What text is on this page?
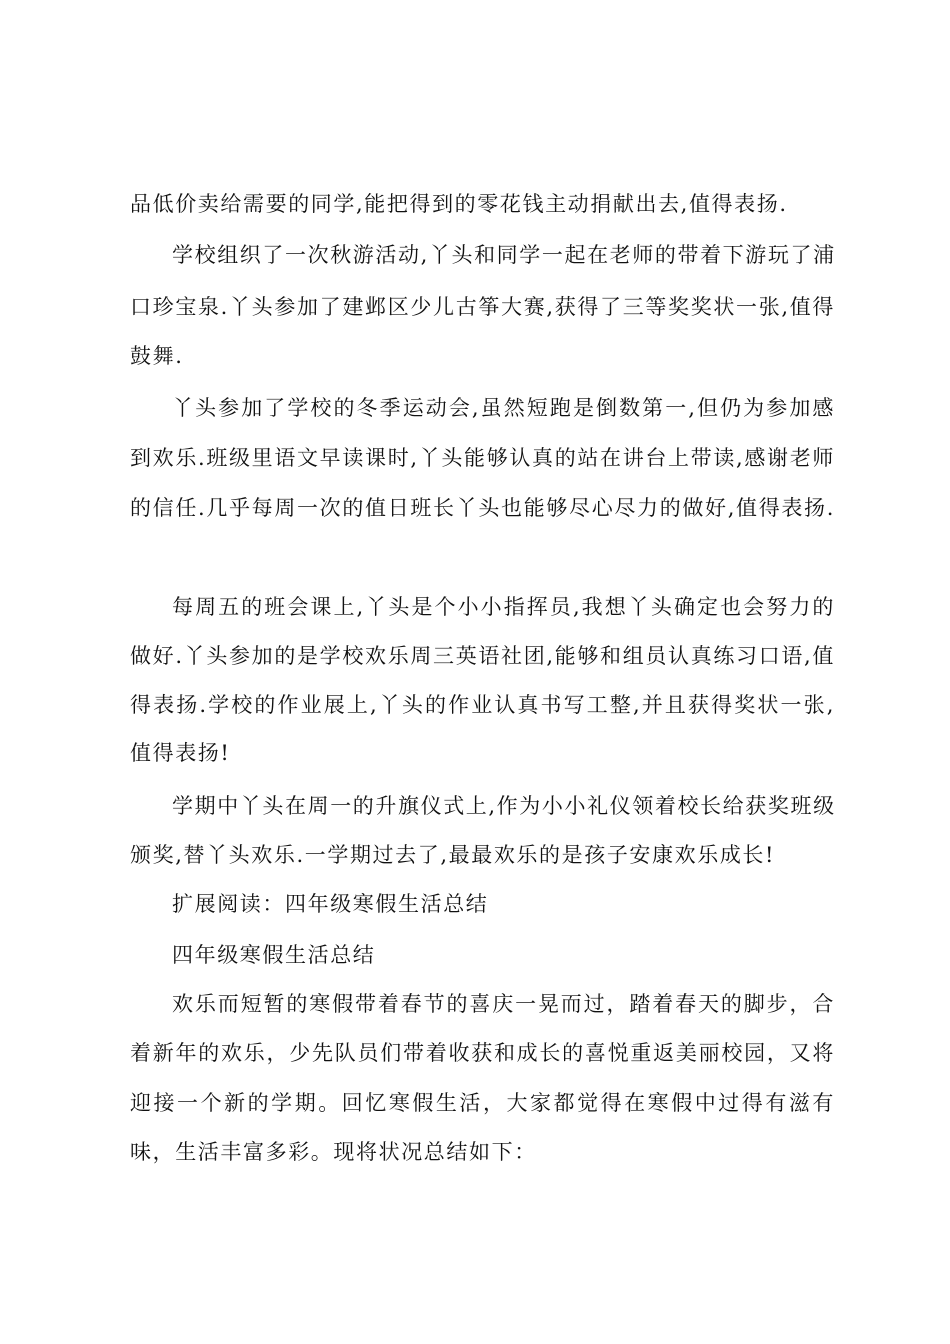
品低价卖给需要的同学,能把得到的零花钱主动捐献出去,值得表扬.
学校组织了一次秋游活动,丫头和同学一起在老师的带着下游玩了浦
口珍宝泉.丫头参加了建邺区少儿古筝大赛,获得了三等奖奖状一张,值得
鼓舞.
丫头参加了学校的冬季运动会,虽然短跑是倒数第一,但仍为参加感
到欢乐.班级里语文早读课时,丫头能够认真的站在讲台上带读,感谢老师
的信任.几乎每周一次的值日班长丫头也能够尽心尽力的做好,值得表扬.
每周五的班会课上,丫头是个小小指挥员,我想丫头确定也会努力的
做好.丫头参加的是学校欢乐周三英语社团,能够和组员认真练习口语,值
得表扬.学校的作业展上,丫头的作业认真书写工整,并且获得奖状一张,
值得表扬!
学期中丫头在周一的升旗仪式上,作为小小礼仪领着校长给获奖班级
颁奖,替丫头欢乐.一学期过去了,最最欢乐的是孩子安康欢乐成长!
扩展阅读：四年级寒假生活总结
四年级寒假生活总结
欢乐而短暂的寒假带着春节的喜庆一晃而过，踏着春天的脚步，合
着新年的欢乐，少先队员们带着收获和成长的喜悦重返美丽校园，又将
迎接一个新的学期。回忆寒假生活，大家都觉得在寒假中过得有滋有
味，生活丰富多彩。现将状况总结如下：
